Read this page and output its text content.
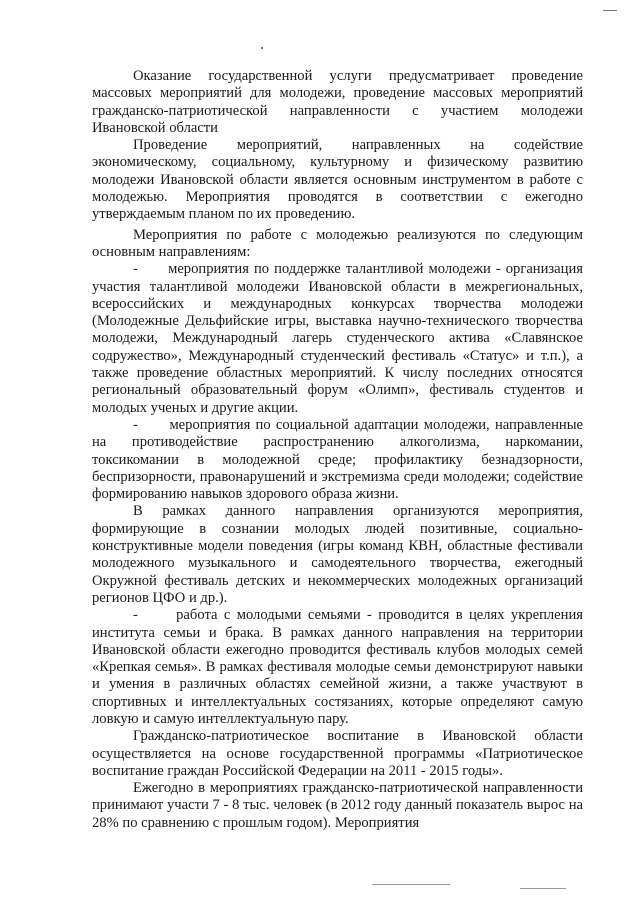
Оказание государственной услуги предусматривает проведение массовых мероприятий для молодежи, проведение массовых мероприятий гражданско-патриотической направленности с участием молодежи Ивановской области

Проведение мероприятий, направленных на содействие экономическому, социальному, культурному и физическому развитию молодежи Ивановской области является основным инструментом в работе с молодежью. Мероприятия проводятся в соответствии с ежегодно утверждаемым планом по их проведению.

Мероприятия по работе с молодежью реализуются по следующим основным направлениям:

-      мероприятия по поддержке талантливой молодежи - организация участия талантливой молодежи Ивановской области в межрегиональных, всероссийских и международных конкурсах творчества молодежи (Молодежные Дельфийские игры, выставка научно-технического творчества молодежи, Международный лагерь студенческого актива «Славянское содружество», Международный студенческий фестиваль «Статус» и т.п.), а также проведение областных мероприятий. К числу последних относятся региональный образовательный форум «Олимп», фестиваль студентов и молодых ученых и другие акции.

-      мероприятия по социальной адаптации молодежи, направленные на противодействие распространению алкоголизма, наркомании, токсикомании в молодежной среде; профилактику безнадзорности, беспризорности, правонарушений и экстремизма среди молодежи; содействие формированию навыков здорового образа жизни.

В рамках данного направления организуются мероприятия, формирующие в сознании молодых людей позитивные, социально-конструктивные модели поведения (игры команд КВН, областные фестивали молодежного музыкального и самодеятельного творчества, ежегодный Окружной фестиваль детских и некоммерческих молодежных организаций регионов ЦФО и др.).

-      работа с молодыми семьями - проводится в целях укрепления института семьи и брака. В рамках данного направления на территории Ивановской области ежегодно проводится фестиваль клубов молодых семей «Крепкая семья». В рамках фестиваля молодые семьи демонстрируют навыки и умения в различных областях семейной жизни, а также участвуют в спортивных и интеллектуальных состязаниях, которые определяют самую ловкую и самую интеллектуальную пару.

Гражданско-патриотическое воспитание в Ивановской области осуществляется на основе государственной программы «Патриотическое воспитание граждан Российской Федерации на 2011 - 2015 годы».

Ежегодно в мероприятиях гражданско-патриотической направленности принимают участи 7 - 8 тыс. человек (в 2012 году данный показатель вырос на 28% по сравнению с прошлым годом). Мероприятия
